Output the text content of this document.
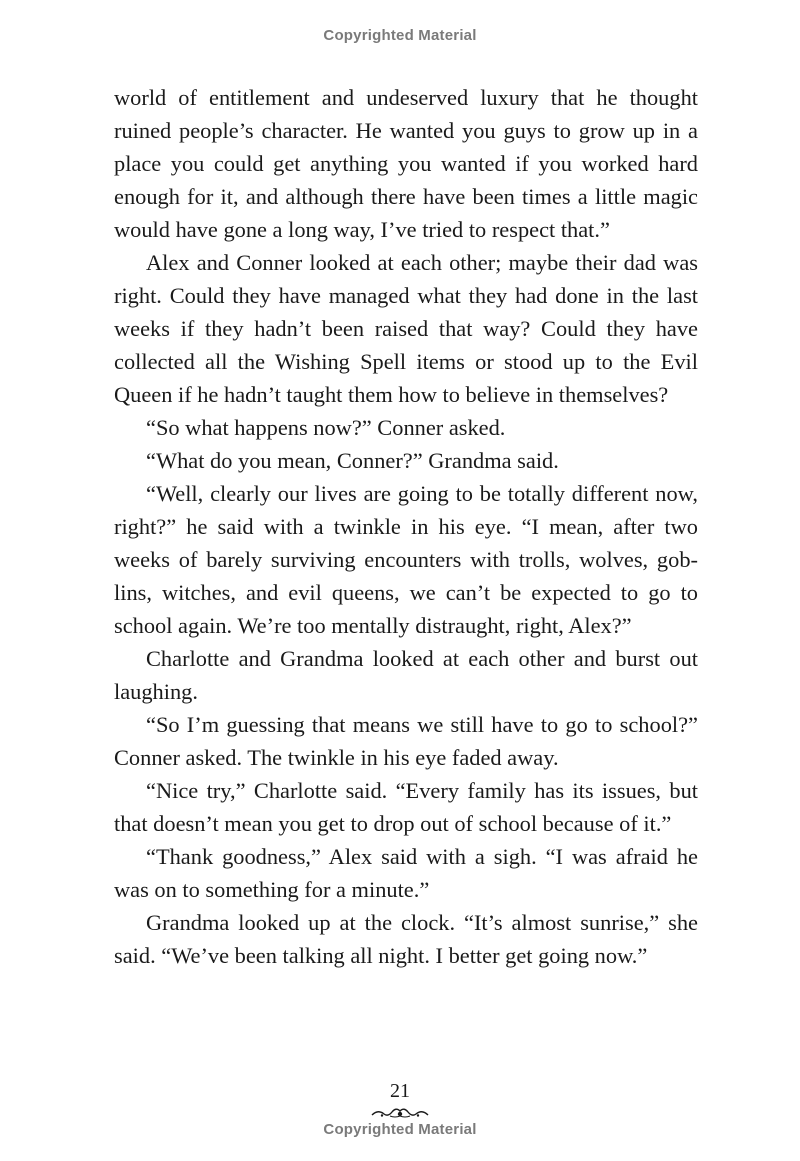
Copyrighted Material

world of entitlement and undeserved luxury that he thought ruined people’s character. He wanted you guys to grow up in a place you could get anything you wanted if you worked hard enough for it, and although there have been times a little magic would have gone a long way, I’ve tried to respect that.”

Alex and Conner looked at each other; maybe their dad was right. Could they have managed what they had done in the last weeks if they hadn’t been raised that way? Could they have collected all the Wishing Spell items or stood up to the Evil Queen if he hadn’t taught them how to believe in themselves?

“So what happens now?” Conner asked.

“What do you mean, Conner?” Grandma said.

“Well, clearly our lives are going to be totally different now, right?” he said with a twinkle in his eye. “I mean, after two weeks of barely surviving encounters with trolls, wolves, goblins, witches, and evil queens, we can’t be expected to go to school again. We’re too mentally distraught, right, Alex?”

Charlotte and Grandma looked at each other and burst out laughing.

“So I’m guessing that means we still have to go to school?” Conner asked. The twinkle in his eye faded away.

“Nice try,” Charlotte said. “Every family has its issues, but that doesn’t mean you get to drop out of school because of it.”

“Thank goodness,” Alex said with a sigh. “I was afraid he was on to something for a minute.”

Grandma looked up at the clock. “It’s almost sunrise,” she said. “We’ve been talking all night. I better get going now.”

21
Copyrighted Material
